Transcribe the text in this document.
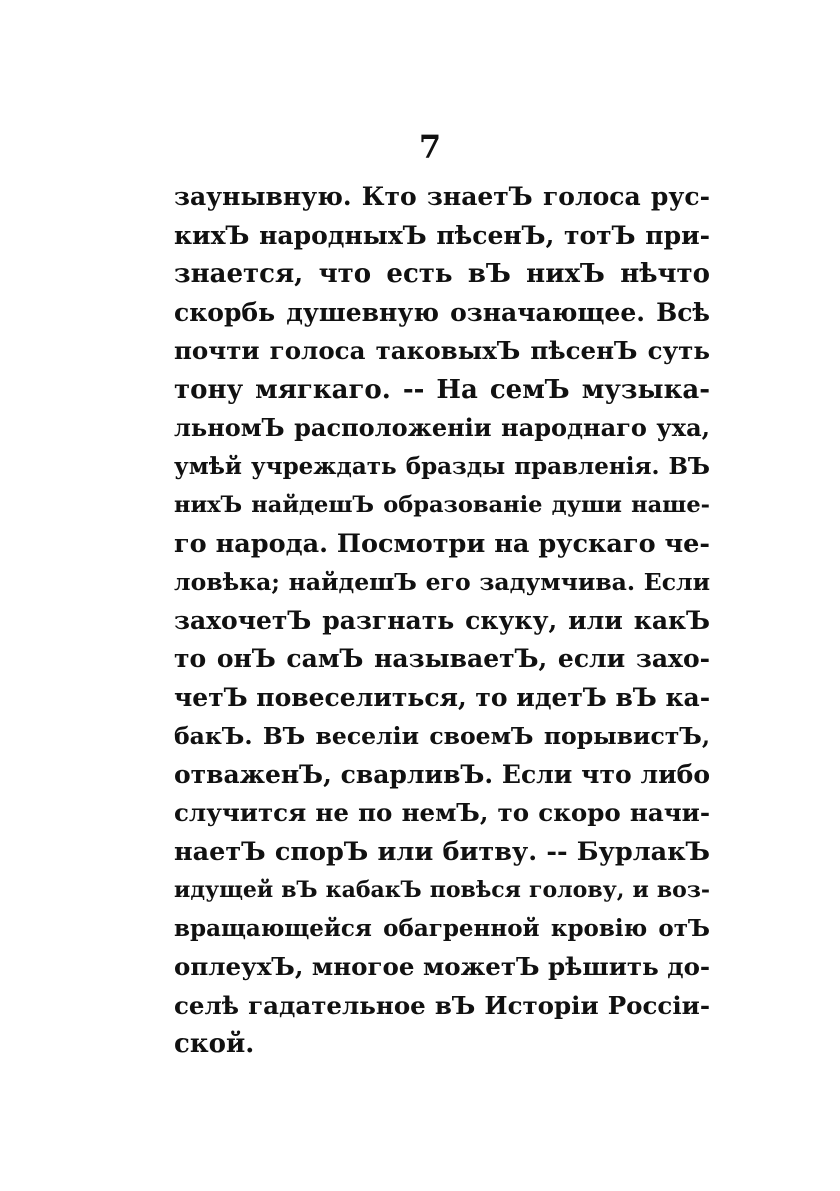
7
заунывную. Кто знаетЪ голоса рус-
кихЪ народныхЪ пѣсенЪ, тотЪ при-
знается, что есть вЪ нихЪ нѣчто
скорбь душевную означающее. Всѣ
почти голоса таковыхЪ пѣсенЪ суть
тону мягкаго. -- На семЪ музыка-
льномЪ расположенiи народнаго уха,
умѣй учреждать бразды правленiя. ВЪ
нихЪ найдешЪ образованiе души наше-
го народа. Посмотри на рускаго че-
ловѣка; найдешЪ его задумчива. Если
захочетЪ разгнать скуку, или какЪ
то онЪ самЪ называетЪ, если захо-
четЪ повеселиться, то идетЪ вЪ ка-
бакЪ. ВЪ веселiи своемЪ порывистЪ,
отваженЪ, сварливЪ. Если что либо
случится не по немЪ, то скоро начи-
наетЪ спорЪ или битву. -- БурлакЪ
идущей вЪ кабакЪ повѣся голову, и воз-
вращающейся обагренной кровiю отЪ
оплеухЪ, многое можетЪ рѣшить до-
селѣ гадательное вЪ Исторiи Россiи-
ской.
